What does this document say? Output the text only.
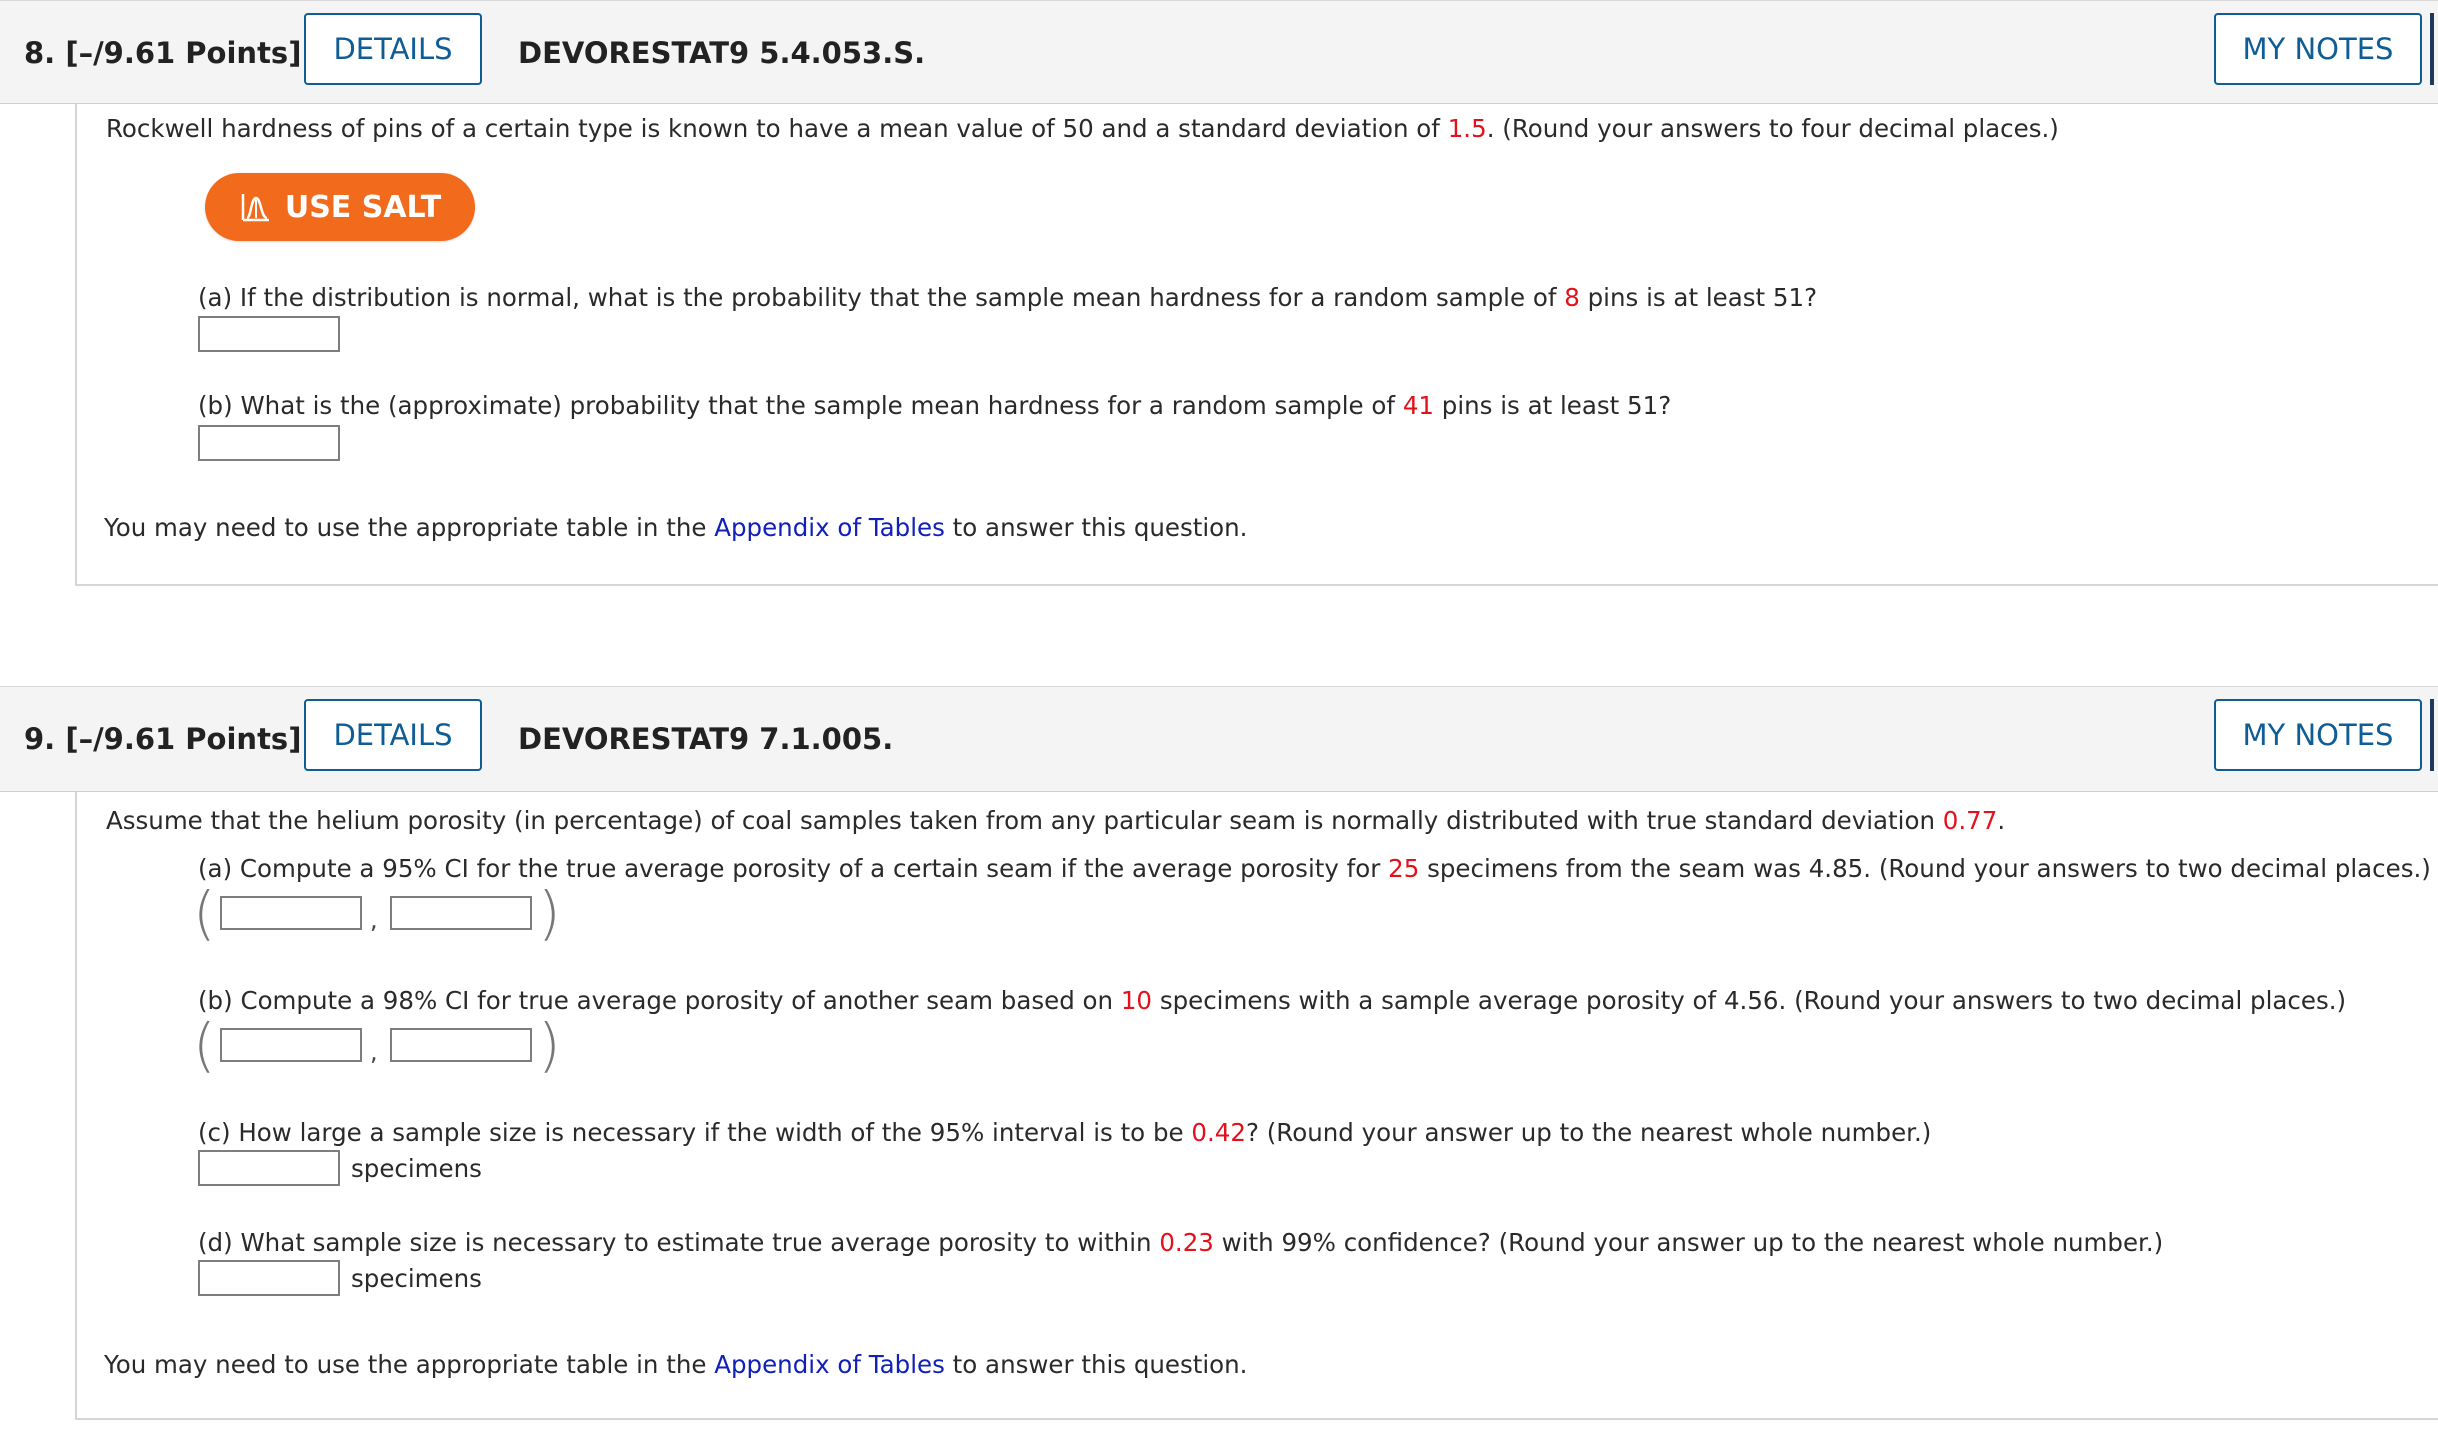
8. [–/9.61 Points]	DETAILS	DEVORESTAT9 5.4.053.S.	MY NOTES
Rockwell hardness of pins of a certain type is known to have a mean value of 50 and a standard deviation of 1.5. (Round your answers to four decimal places.)
USE SALT
(a) If the distribution is normal, what is the probability that the sample mean hardness for a random sample of 8 pins is at least 51?
(b) What is the (approximate) probability that the sample mean hardness for a random sample of 41 pins is at least 51?
You may need to use the appropriate table in the Appendix of Tables to answer this question.
9. [–/9.61 Points]	DETAILS	DEVORESTAT9 7.1.005.	MY NOTES
Assume that the helium porosity (in percentage) of coal samples taken from any particular seam is normally distributed with true standard deviation 0.77.
(a) Compute a 95% CI for the true average porosity of a certain seam if the average porosity for 25 specimens from the seam was 4.85. (Round your answers to two decimal places.)
(	,	)
(b) Compute a 98% CI for true average porosity of another seam based on 10 specimens with a sample average porosity of 4.56. (Round your answers to two decimal places.)
(	,	)
(c) How large a sample size is necessary if the width of the 95% interval is to be 0.42? (Round your answer up to the nearest whole number.)
specimens
(d) What sample size is necessary to estimate true average porosity to within 0.23 with 99% confidence? (Round your answer up to the nearest whole number.)
specimens
You may need to use the appropriate table in the Appendix of Tables to answer this question.
